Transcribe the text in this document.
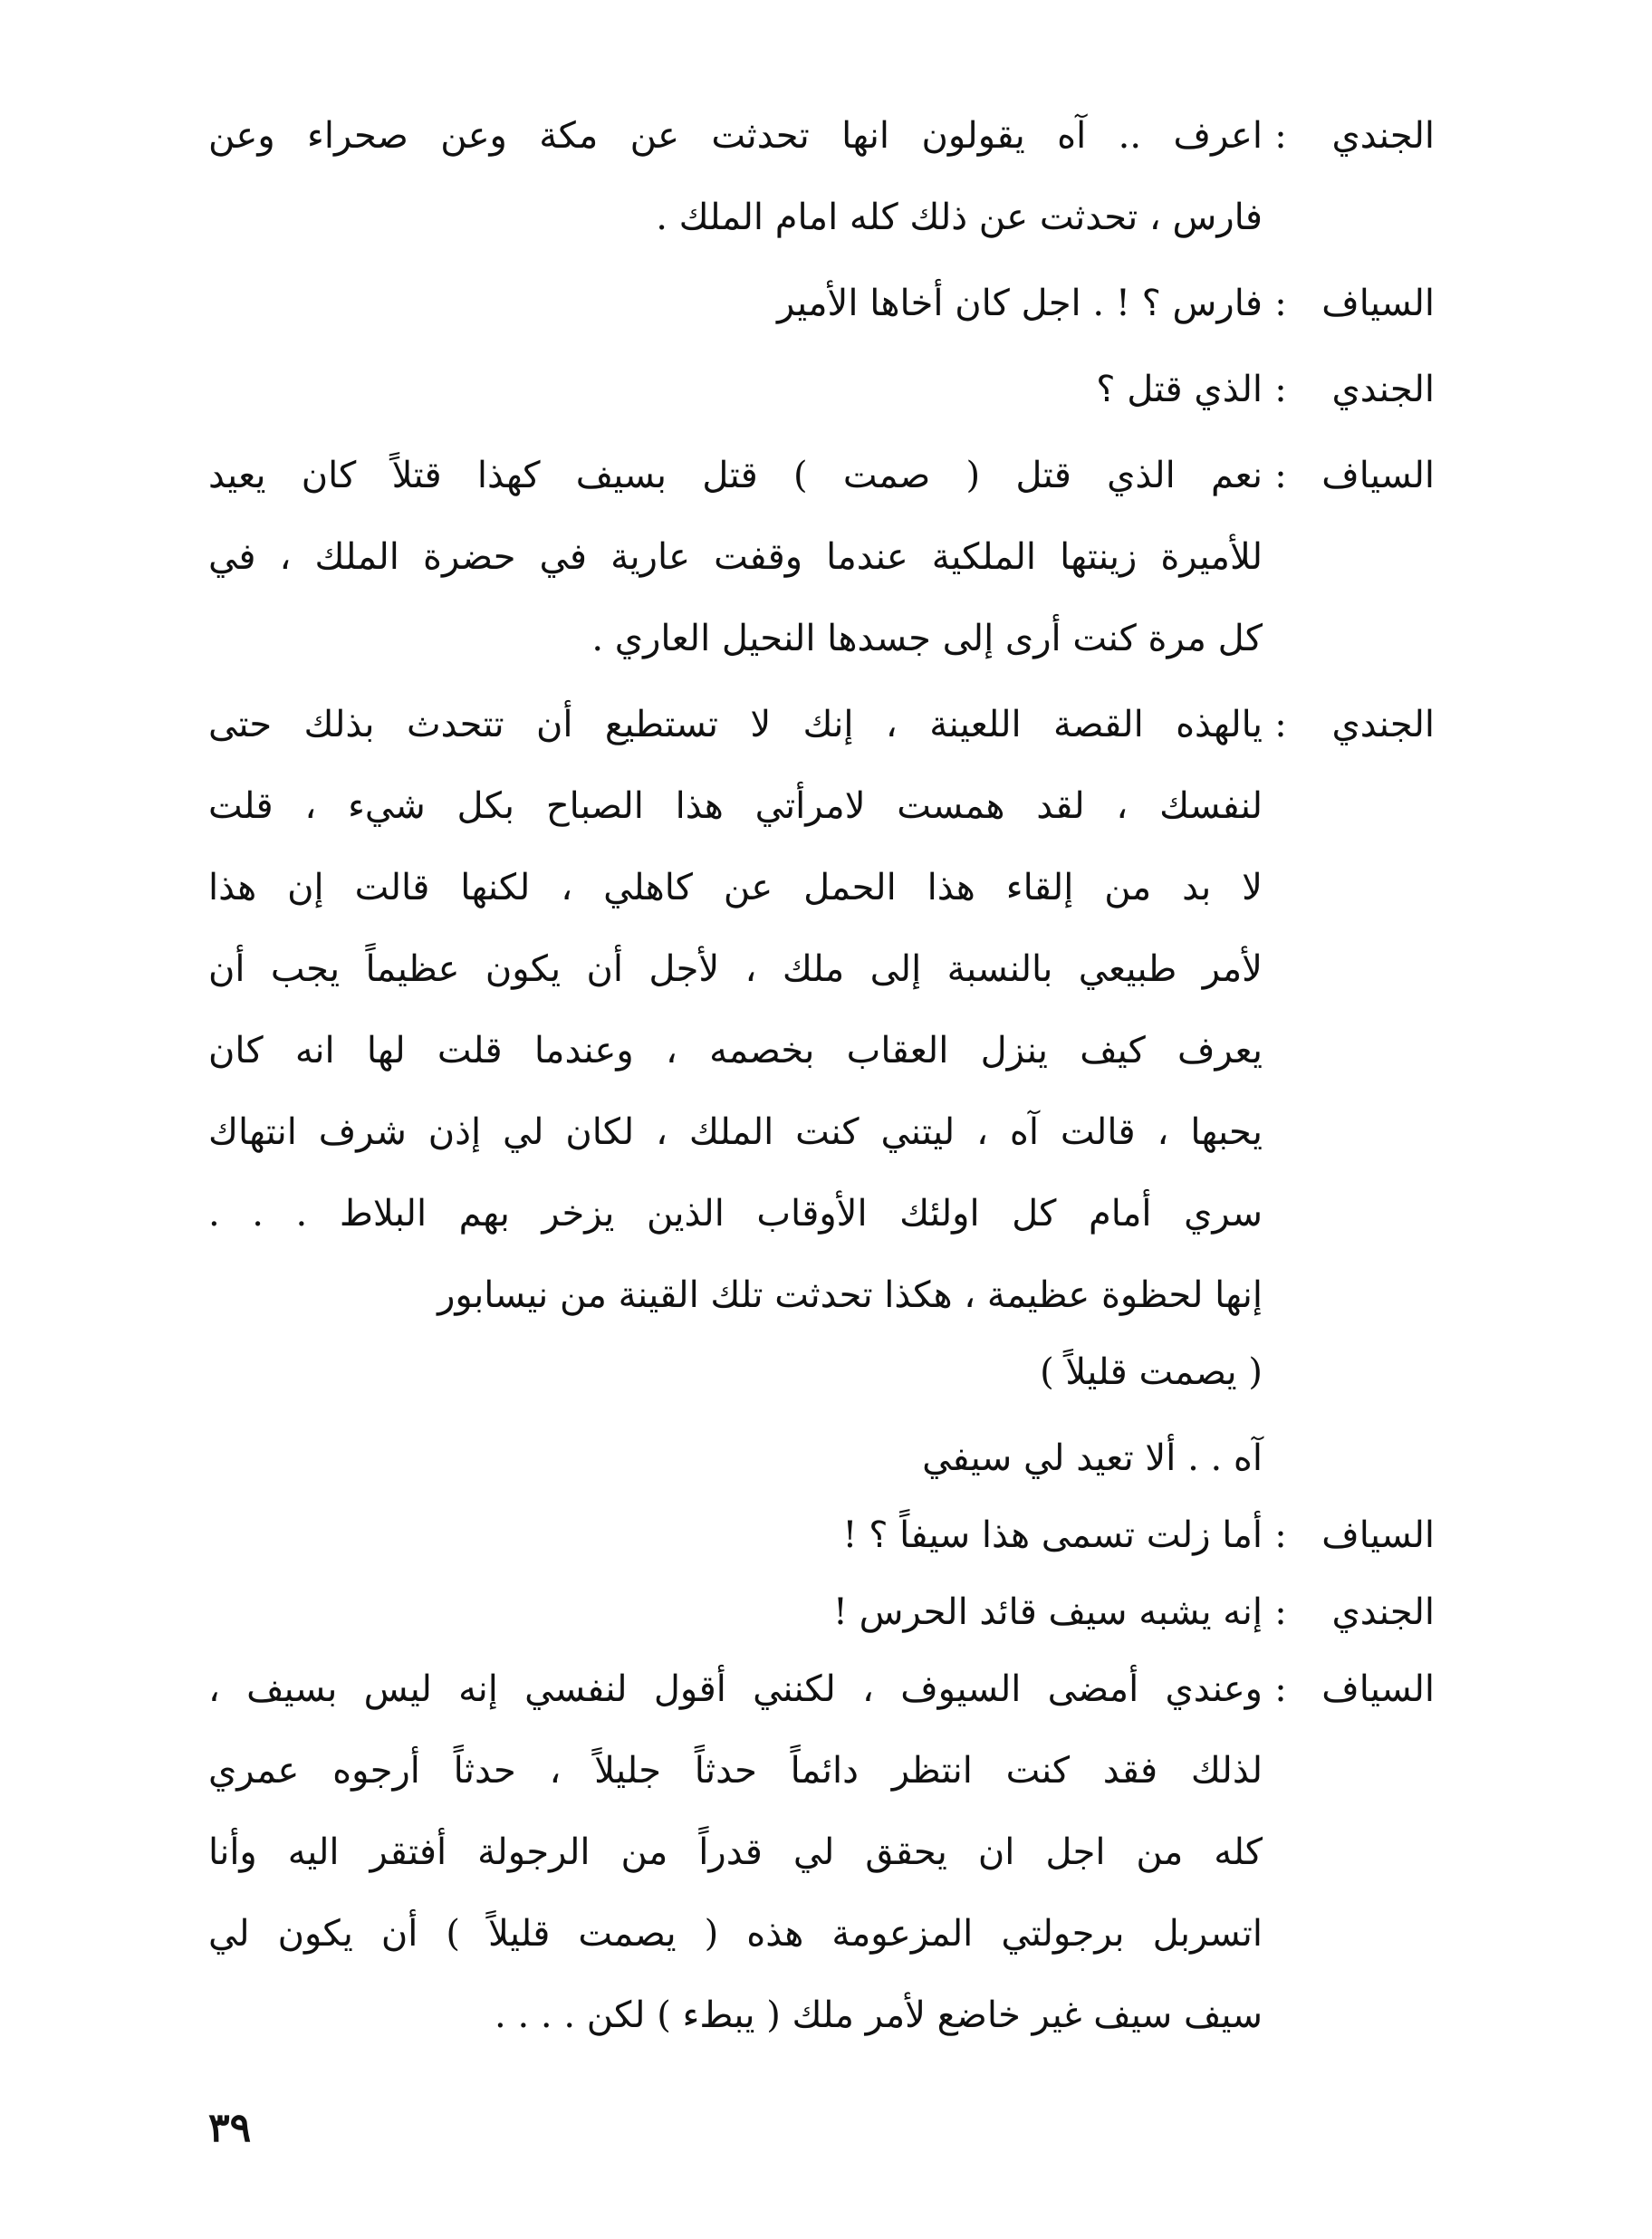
الجندي
:
اعرف .. آه يقولون انها تحدثت عن مكة وعن صحراء وعن
فارس ، تحدثت عن ذلك كله امام الملك .
السياف
:
فارس ؟ ! . اجل كان أخاها الأمير
الجندي
:
الذي قتل ؟
السياف
:
نعم الذي قتل ( صمت ) قتل بسيف كهذا قتلاً كان يعيد
للأميرة زينتها الملكية عندما وقفت عارية في حضرة الملك ، في
كل مرة كنت أرى إلى جسدها النحيل العاري .
الجندي
:
يالهذه القصة اللعينة ، إنك لا تستطيع أن تتحدث بذلك حتى
لنفسك ، لقد همست لامرأتي هذا الصباح بكل شيء ، قلت
لا بد من إلقاء هذا الحمل عن كاهلي ، لكنها قالت إن هذا
لأمر طبيعي بالنسبة إلى ملك ، لأجل أن يكون عظيماً يجب أن
يعرف كيف ينزل العقاب بخصمه ، وعندما قلت لها انه كان
يحبها ، قالت آه ، ليتني كنت الملك ، لكان لي إذن شرف انتهاك
سري أمام كل اولئك الأوقاب الذين يزخر بهم البلاط . . .
إنها لحظوة عظيمة ، هكذا تحدثت تلك القينة من نيسابور
( يصمت قليلاً )
آه . . ألا تعيد لي سيفي
السياف
:
أما زلت تسمى هذا سيفاً ؟ !
الجندي
:
إنه يشبه سيف قائد الحرس !
السياف
:
وعندي أمضى السيوف ، لكنني أقول لنفسي إنه ليس بسيف ،
لذلك فقد كنت انتظر دائماً حدثاً جليلاً ، حدثاً أرجوه عمري
كله من اجل ان يحقق لي قدراً من الرجولة أفتقر اليه وأنا
اتسربل برجولتي المزعومة هذه ( يصمت قليلاً ) أن يكون لي
سيف سيف غير خاضع لأمر ملك ( يبطء ) لكن . . . .
٣٩
